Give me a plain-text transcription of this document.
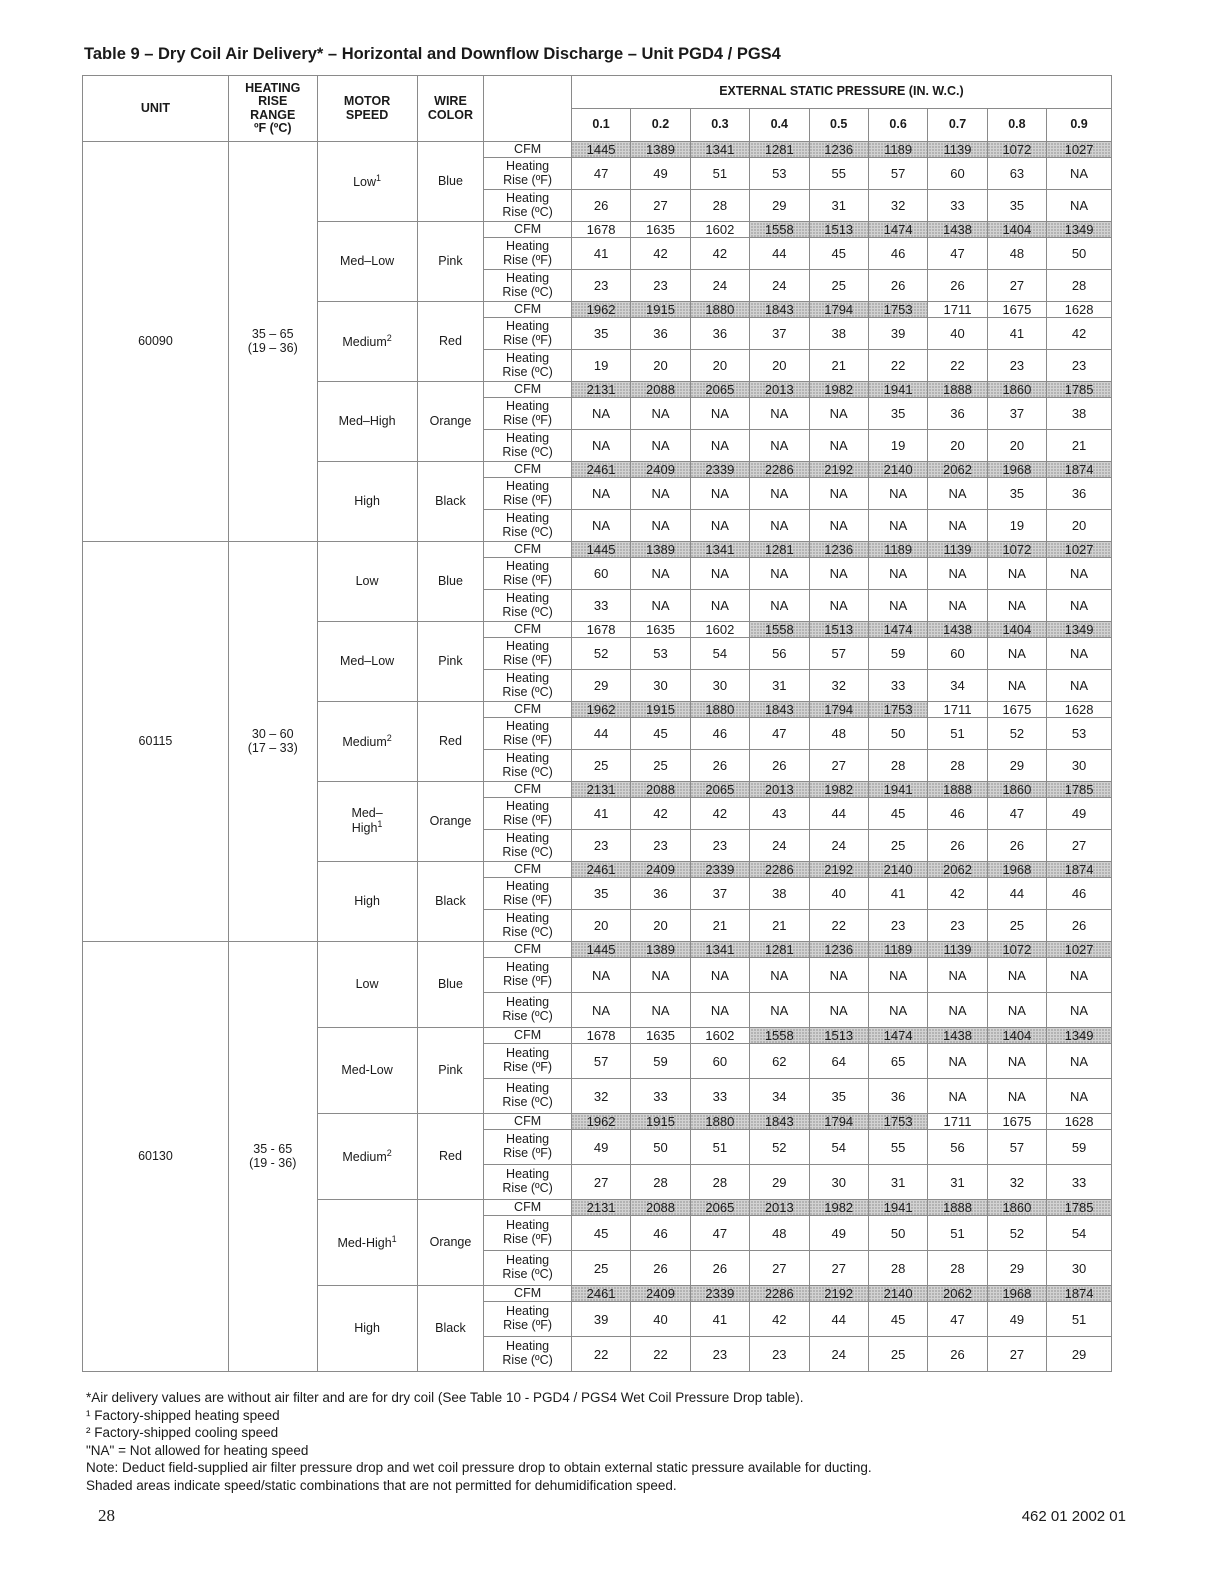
Table 9 – Dry Coil Air Delivery* – Horizontal and Downflow Discharge – Unit PGD4 / PGS4
UNIT	HEATING
RISE
RANGE
ºF (ºC)	MOTOR
SPEED	WIRE
COLOR		EXTERNAL STATIC PRESSURE (IN. W.C.)								
					0.1	0.2	0.3	0.4	0.5	0.6	0.7	0.8	0.9
60090	35 – 65
(19 – 36)	Low$^1$	Blue	CFM	1445	1389	1341	1281	1236	1189	1139	1072	1027
				Heating
Rise (ºF)	47	49	51	53	55	57	60	63	NA
				Heating
Rise (ºC)	26	27	28	29	31	32	33	35	NA
		Med–Low	Pink	CFM	1678	1635	1602	1558	1513	1474	1438	1404	1349
				Heating
Rise (ºF)	41	42	42	44	45	46	47	48	50
				Heating
Rise (ºC)	23	23	24	24	25	26	26	27	28
		Medium$^2$	Red	CFM	1962	1915	1880	1843	1794	1753	1711	1675	1628
				Heating
Rise (ºF)	35	36	36	37	38	39	40	41	42
				Heating
Rise (ºC)	19	20	20	20	21	22	22	23	23
		Med–High	Orange	CFM	2131	2088	2065	2013	1982	1941	1888	1860	1785
				Heating
Rise (ºF)	NA	NA	NA	NA	NA	35	36	37	38
				Heating
Rise (ºC)	NA	NA	NA	NA	NA	19	20	20	21
		High	Black	CFM	2461	2409	2339	2286	2192	2140	2062	1968	1874
				Heating
Rise (ºF)	NA	NA	NA	NA	NA	NA	NA	35	36
				Heating
Rise (ºC)	NA	NA	NA	NA	NA	NA	NA	19	20
60115	30 – 60
(17 – 33)	Low	Blue	CFM	1445	1389	1341	1281	1236	1189	1139	1072	1027
				Heating
Rise (ºF)	60	NA	NA	NA	NA	NA	NA	NA	NA
				Heating
Rise (ºC)	33	NA	NA	NA	NA	NA	NA	NA	NA
		Med–Low	Pink	CFM	1678	1635	1602	1558	1513	1474	1438	1404	1349
				Heating
Rise (ºF)	52	53	54	56	57	59	60	NA	NA
				Heating
Rise (ºC)	29	30	30	31	32	33	34	NA	NA
		Medium$^2$	Red	CFM	1962	1915	1880	1843	1794	1753	1711	1675	1628
				Heating
Rise (ºF)	44	45	46	47	48	50	51	52	53
				Heating
Rise (ºC)	25	25	26	26	27	28	28	29	30
		Med–
High$^1$	Orange	CFM	2131	2088	2065	2013	1982	1941	1888	1860	1785
				Heating
Rise (ºF)	41	42	42	43	44	45	46	47	49
				Heating
Rise (ºC)	23	23	23	24	24	25	26	26	27
		High	Black	CFM	2461	2409	2339	2286	2192	2140	2062	1968	1874
				Heating
Rise (ºF)	35	36	37	38	40	41	42	44	46
				Heating
Rise (ºC)	20	20	21	21	22	23	23	25	26
60130	35 - 65
(19 - 36)	Low	Blue	CFM	1445	1389	1341	1281	1236	1189	1139	1072	1027
				Heating
Rise (ºF)	NA	NA	NA	NA	NA	NA	NA	NA	NA
				Heating
Rise (ºC)	NA	NA	NA	NA	NA	NA	NA	NA	NA
		Med-Low	Pink	CFM	1678	1635	1602	1558	1513	1474	1438	1404	1349
				Heating
Rise (ºF)	57	59	60	62	64	65	NA	NA	NA
				Heating
Rise (ºC)	32	33	33	34	35	36	NA	NA	NA
		Medium$^2$	Red	CFM	1962	1915	1880	1843	1794	1753	1711	1675	1628
				Heating
Rise (ºF)	49	50	51	52	54	55	56	57	59
				Heating
Rise (ºC)	27	28	28	29	30	31	31	32	33
		Med-High$^1$	Orange	CFM	2131	2088	2065	2013	1982	1941	1888	1860	1785
				Heating
Rise (ºF)	45	46	47	48	49	50	51	52	54
				Heating
Rise (ºC)	25	26	26	27	27	28	28	29	30
		High	Black	CFM	2461	2409	2339	2286	2192	2140	2062	1968	1874
				Heating
Rise (ºF)	39	40	41	42	44	45	47	49	51
				Heating
Rise (ºC)	22	22	23	23	24	25	26	27	29
*Air delivery values are without air filter and are for dry coil (See Table 10 - PGD4 / PGS4 Wet Coil Pressure Drop table).
¹ Factory-shipped heating speed
² Factory-shipped cooling speed
"NA" = Not allowed for heating speed
Note: Deduct field-supplied air filter pressure drop and wet coil pressure drop to obtain external static pressure available for ducting.
Shaded areas indicate speed/static combinations that are not permitted for dehumidification speed.
28	462 01 2002 01
